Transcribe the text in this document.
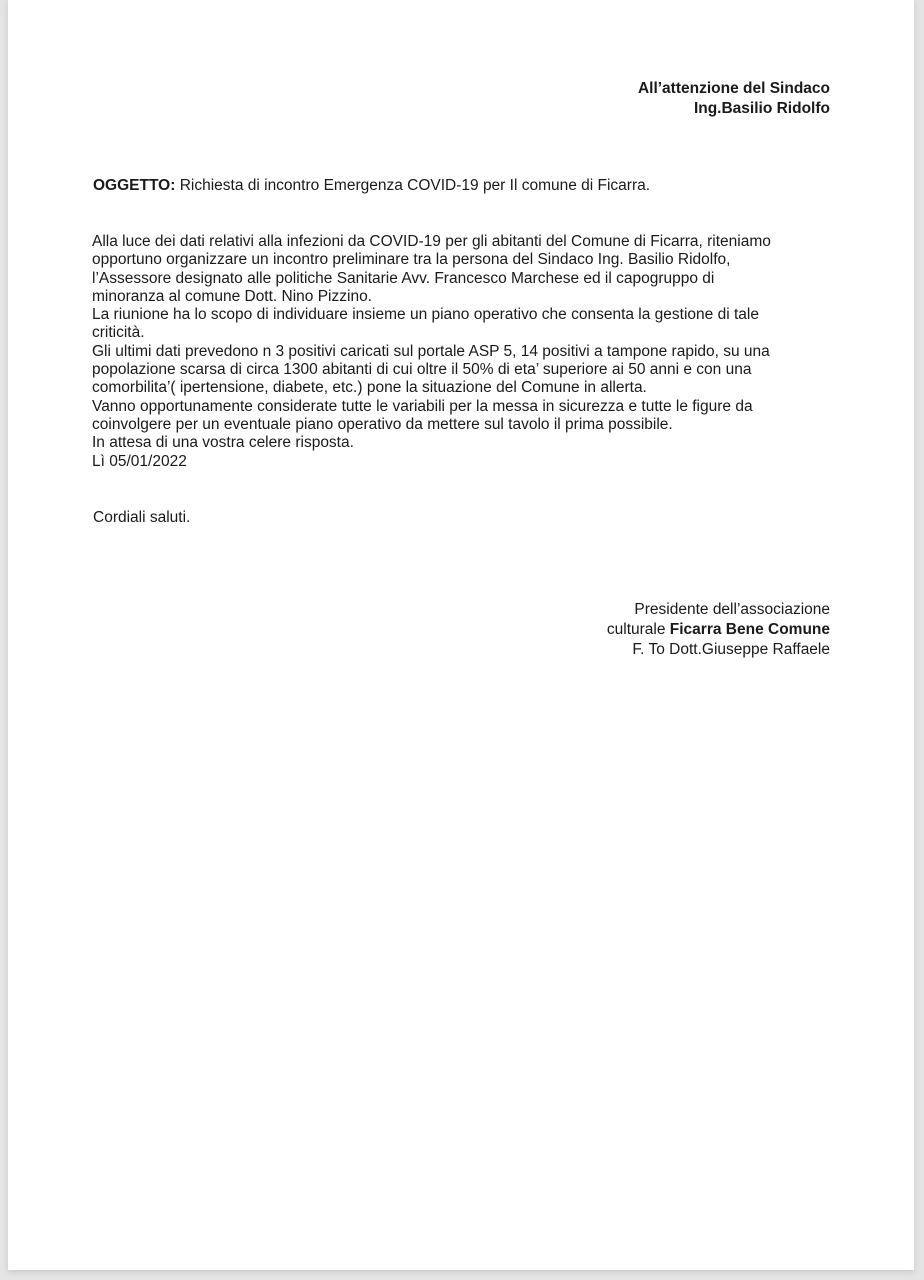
All’attenzione del Sindaco
Ing.Basilio Ridolfo
OGGETTO: Richiesta di incontro Emergenza COVID-19 per Il comune di Ficarra.

Alla luce dei dati relativi alla infezioni da COVID-19 per gli abitanti del Comune di Ficarra, riteniamo

opportuno organizzare un incontro preliminare tra la persona del Sindaco Ing. Basilio Ridolfo,

l’Assessore designato alle politiche Sanitarie Avv. Francesco Marchese ed il capogruppo di

minoranza al comune Dott. Nino Pizzino.

La riunione ha lo scopo di individuare insieme un piano operativo che consenta la gestione di tale

criticità.

Gli ultimi dati prevedono n 3 positivi caricati sul portale ASP 5, 14 positivi a tampone rapido, su una

popolazione scarsa di circa 1300 abitanti di cui oltre il 50% di eta’ superiore ai 50 anni e con una

comorbilita’( ipertensione, diabete, etc.) pone la situazione del Comune in allerta.

Vanno opportunamente considerate tutte le variabili per la messa in sicurezza e tutte le figure da

coinvolgere per un eventuale piano operativo da mettere sul tavolo il prima possibile.

In attesa di una vostra celere risposta.

Lì 05/01/2022

Cordiali saluti.
Presidente dell’associazione
culturale Ficarra Bene Comune
F. To Dott.Giuseppe Raffaele
